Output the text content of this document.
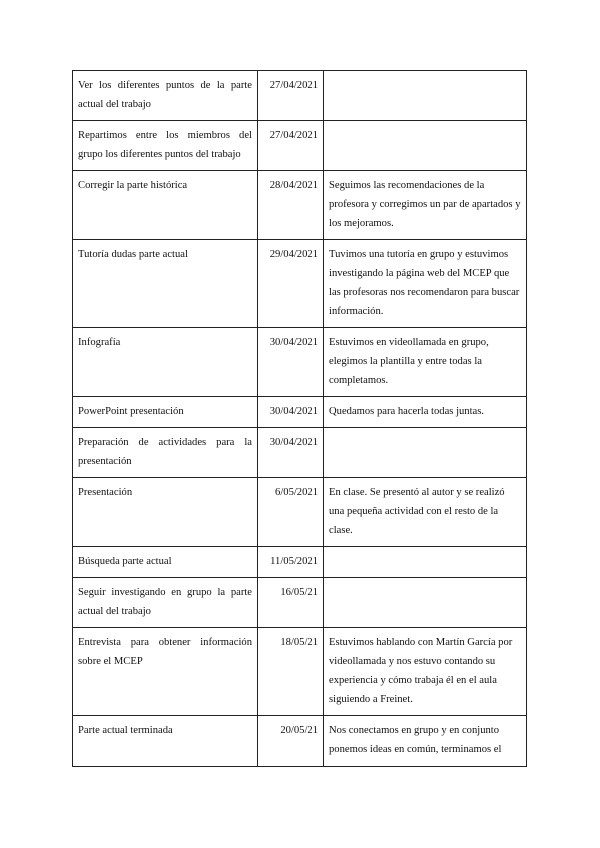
Ver los diferentes puntos de la parte actual del trabajo	27/04/2021	
Repartimos entre los miembros del grupo los diferentes puntos del trabajo	27/04/2021	
Corregir la parte histórica	28/04/2021	Seguimos las recomendaciones de la profesora y corregimos un par de apartados y los mejoramos.
Tutoría dudas parte actual	29/04/2021	Tuvimos una tutoría en grupo y estuvimos investigando la página web del MCEP que las profesoras nos recomendaron para buscar información.
Infografía	30/04/2021	Estuvimos en videollamada en grupo, elegimos la plantilla y entre todas la completamos.
PowerPoint presentación	30/04/2021	Quedamos para hacerla todas juntas.
Preparación de actividades para la presentación	30/04/2021	
Presentación	6/05/2021	En clase. Se presentó al autor y se realizó una pequeña actividad con el resto de la clase.
Búsqueda parte actual	11/05/2021	
Seguir investigando en grupo la parte actual del trabajo	16/05/21	
Entrevista para obtener información sobre el MCEP	18/05/21	Estuvimos hablando con Martín García por videollamada y nos estuvo contando su experiencia y cómo trabaja él en el aula siguiendo a Freinet.
Parte actual terminada	20/05/21	Nos conectamos en grupo y en conjunto ponemos ideas en común, terminamos el
